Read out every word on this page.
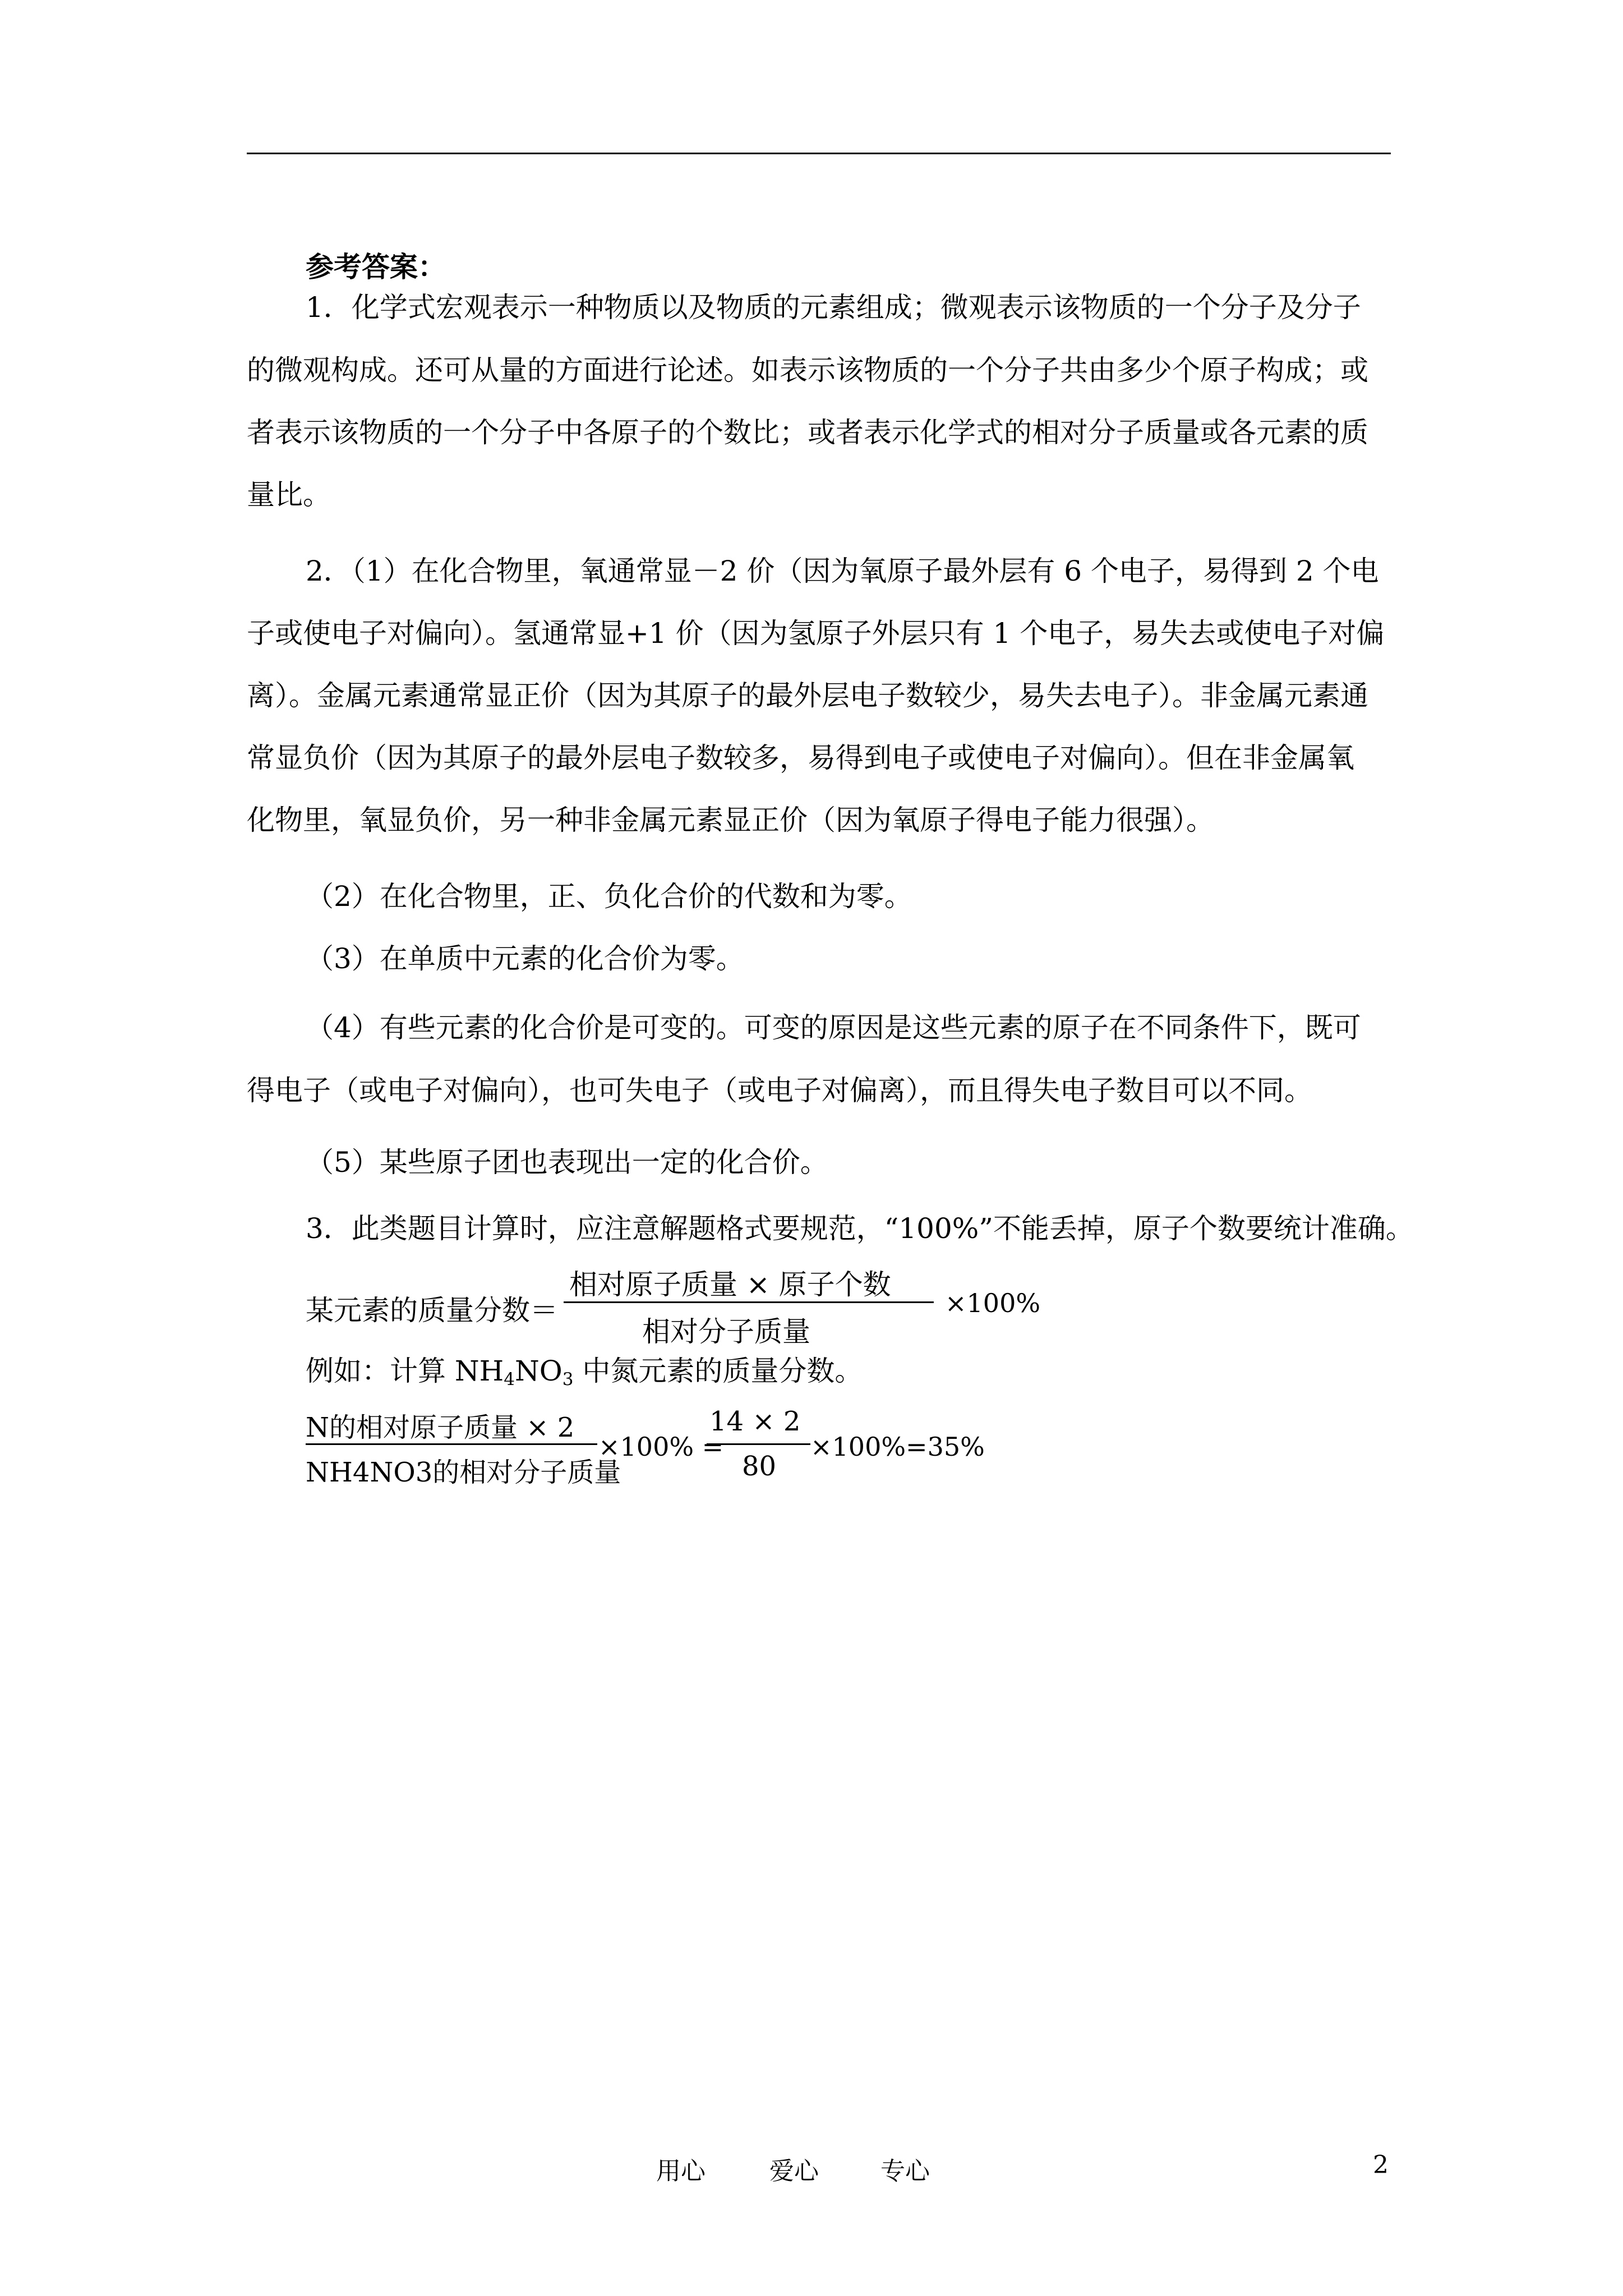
参考答案：
1．化学式宏观表示一种物质以及物质的元素组成；微观表示该物质的一个分子及分子
的微观构成。还可从量的方面进行论述。如表示该物质的一个分子共由多少个原子构成；或
者表示该物质的一个分子中各原子的个数比；或者表示化学式的相对分子质量或各元素的质
量比。
2．（1）在化合物里，氧通常显－2 价（因为氧原子最外层有 6 个电子，易得到 2 个电
子或使电子对偏向）。氢通常显+1 价（因为氢原子外层只有 1 个电子，易失去或使电子对偏
离）。金属元素通常显正价（因为其原子的最外层电子数较少，易失去电子）。非金属元素通
常显负价（因为其原子的最外层电子数较多，易得到电子或使电子对偏向）。但在非金属氧
化物里，氧显负价，另一种非金属元素显正价（因为氧原子得电子能力很强）。
（2）在化合物里，正、负化合价的代数和为零。
（3）在单质中元素的化合价为零。
（4）有些元素的化合价是可变的。可变的原因是这些元素的原子在不同条件下，既可
得电子（或电子对偏向），也可失电子（或电子对偏离），而且得失电子数目可以不同。
（5）某些原子团也表现出一定的化合价。
3．此类题目计算时，应注意解题格式要规范，“100%”不能丢掉，原子个数要统计准确。
某元素的质量分数＝
相对原子质量 × 原子个数
相对分子质量
×100%
例如：计算 $NH_4NO_3$ 中氮元素的质量分数。
N的相对原子质量 × 2
NH4NO3的相对分子质量
×100% =
14 × 2
80
×100%=35%
用心	爱心	专心	2
